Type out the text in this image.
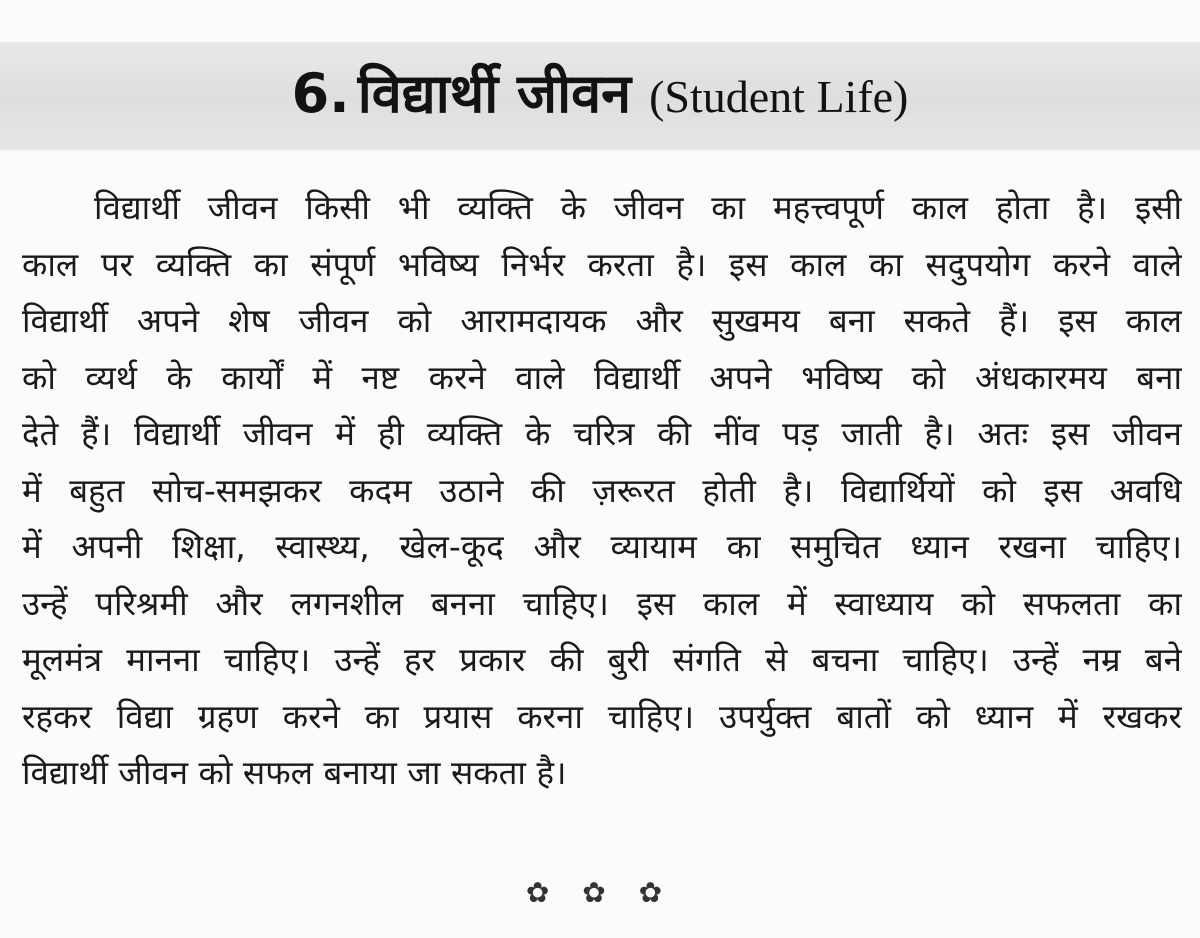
6. विद्यार्थी जीवन (Student Life)
विद्यार्थी जीवन किसी भी व्यक्ति के जीवन का महत्त्वपूर्ण काल होता है। इसी
काल पर व्यक्ति का संपूर्ण भविष्य निर्भर करता है। इस काल का सदुपयोग करने वाले
विद्यार्थी अपने शेष जीवन को आरामदायक और सुखमय बना सकते हैं। इस काल
को व्यर्थ के कार्यों में नष्ट करने वाले विद्यार्थी अपने भविष्य को अंधकारमय बना
देते हैं। विद्यार्थी जीवन में ही व्यक्ति के चरित्र की नींव पड़ जाती है। अतः इस जीवन
में बहुत सोच-समझकर कदम उठाने की ज़रूरत होती है। विद्यार्थियों को इस अवधि
में अपनी शिक्षा, स्वास्थ्य, खेल-कूद और व्यायाम का समुचित ध्यान रखना चाहिए।
उन्हें परिश्रमी और लगनशील बनना चाहिए। इस काल में स्वाध्याय को सफलता का
मूलमंत्र मानना चाहिए। उन्हें हर प्रकार की बुरी संगति से बचना चाहिए। उन्हें नम्र बने
रहकर विद्या ग्रहण करने का प्रयास करना चाहिए। उपर्युक्त बातों को ध्यान में रखकर
विद्यार्थी जीवन को सफल बनाया जा सकता है।
✿ ✿ ✿
